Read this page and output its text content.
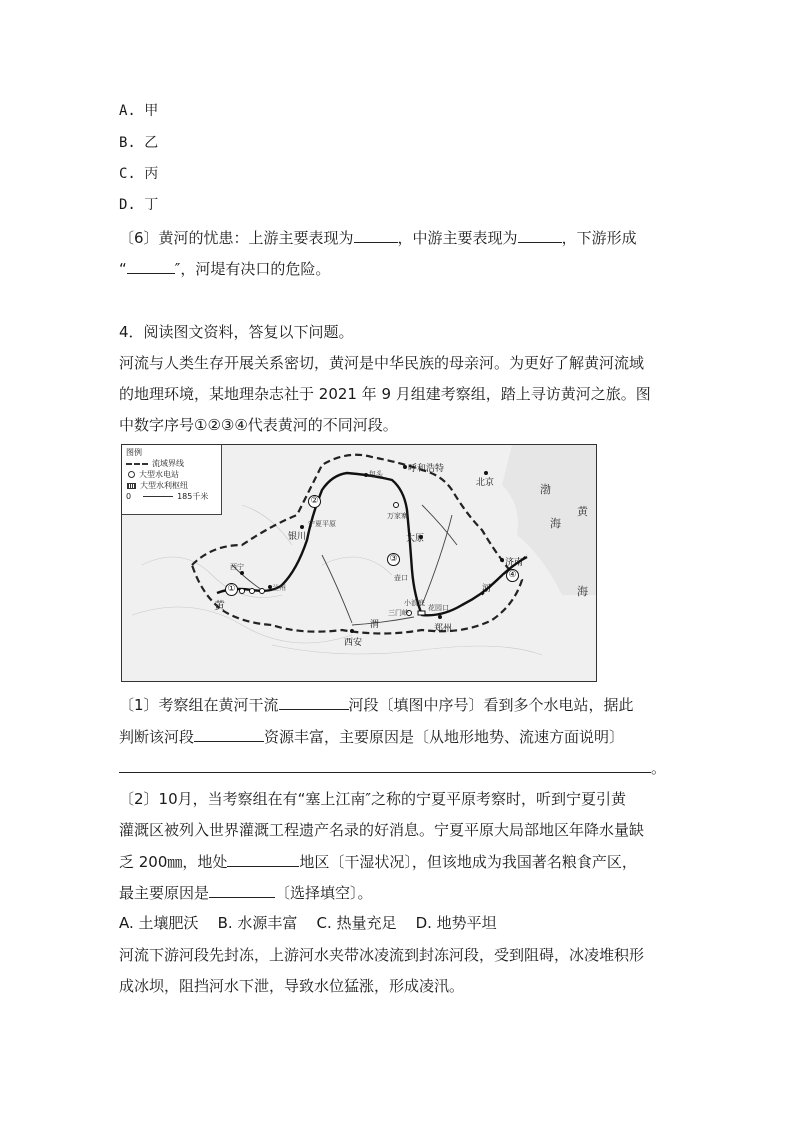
A. 甲
B. 乙
C. 丙
D. 丁
〔6〕黄河的忧患：上游主要表现为	，中游主要表现为	，下游形成
“	″，河堤有决口的危险。
4．阅读图文资料，答复以下问题。
河流与人类生存开展关系密切，黄河是中华民族的母亲河。为更好了解黄河流域
的地理环境，某地理杂志社于 2021 年 9 月组建考察组，踏上寻访黄河之旅。图
中数字序号①②③④代表黄河的不同河段。
图例
流域界线
大型水电站
大型水利枢纽
0	185千米
呼和浩特
包头
北京
银川
宁夏平原
万家寨
太原
济南
西宁
兰州
西安
郑州
小浪底
花园口
三门峡
壶口
渭
河
黄
渤
海
黄
海
①
②
③
④
〔1〕考察组在黄河干流	河段〔填图中序号〕看到多个水电站，据此
判断该河段	资源丰富，主要原因是〔从地形地势、流速方面说明〕
。
〔2〕10月，当考察组在有“塞上江南″之称的宁夏平原考察时，听到宁夏引黄
灌溉区被列入世界灌溉工程遗产名录的好消息。宁夏平原大局部地区年降水量缺
乏 200㎜，地处	地区〔干湿状况〕，但该地成为我国著名粮食产区，
最主要原因是	〔选择填空〕。
A. 土壤肥沃    B. 水源丰富    C. 热量充足    D. 地势平坦
河流下游河段先封冻，上游河水夹带冰凌流到封冻河段，受到阻碍，冰凌堆积形
成冰坝，阻挡河水下泄，导致水位猛涨，形成凌汛。
